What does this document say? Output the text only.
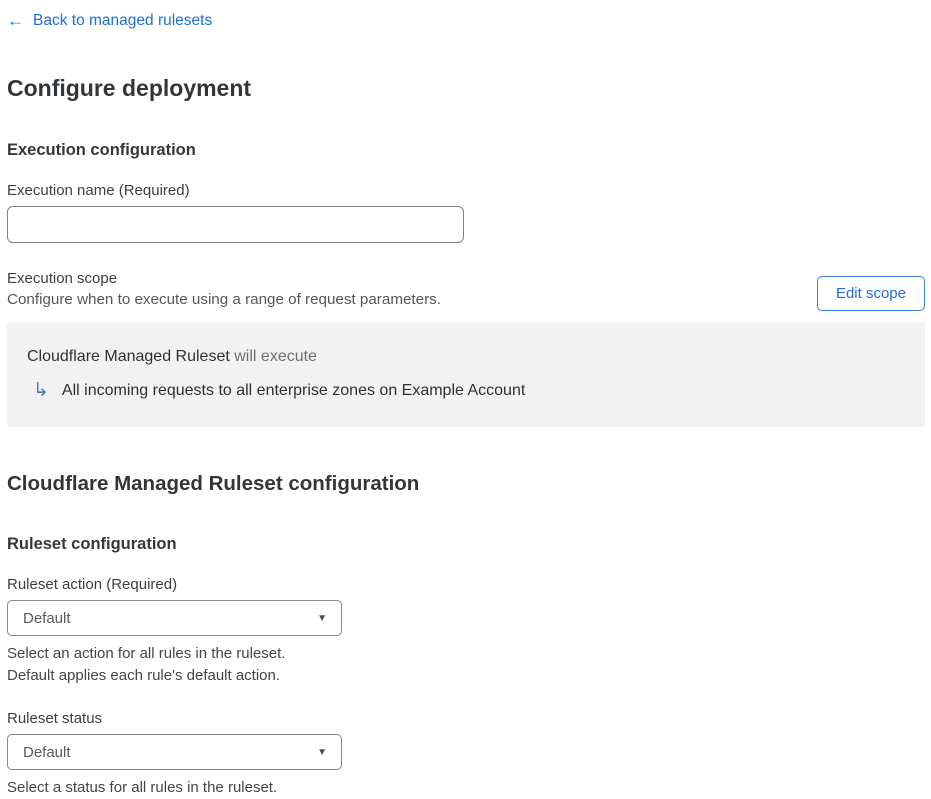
← Back to managed rulesets
Configure deployment
Execution configuration
Execution name (Required)
Execution scope
Configure when to execute using a range of request parameters.	Edit scope
Cloudflare Managed Ruleset will execute
↳ All incoming requests to all enterprise zones on Example Account
Cloudflare Managed Ruleset configuration
Ruleset configuration
Ruleset action (Required)
Default	▼
Select an action for all rules in the ruleset.
Default applies each rule's default action.
Ruleset status
Default	▼
Select a status for all rules in the ruleset.
